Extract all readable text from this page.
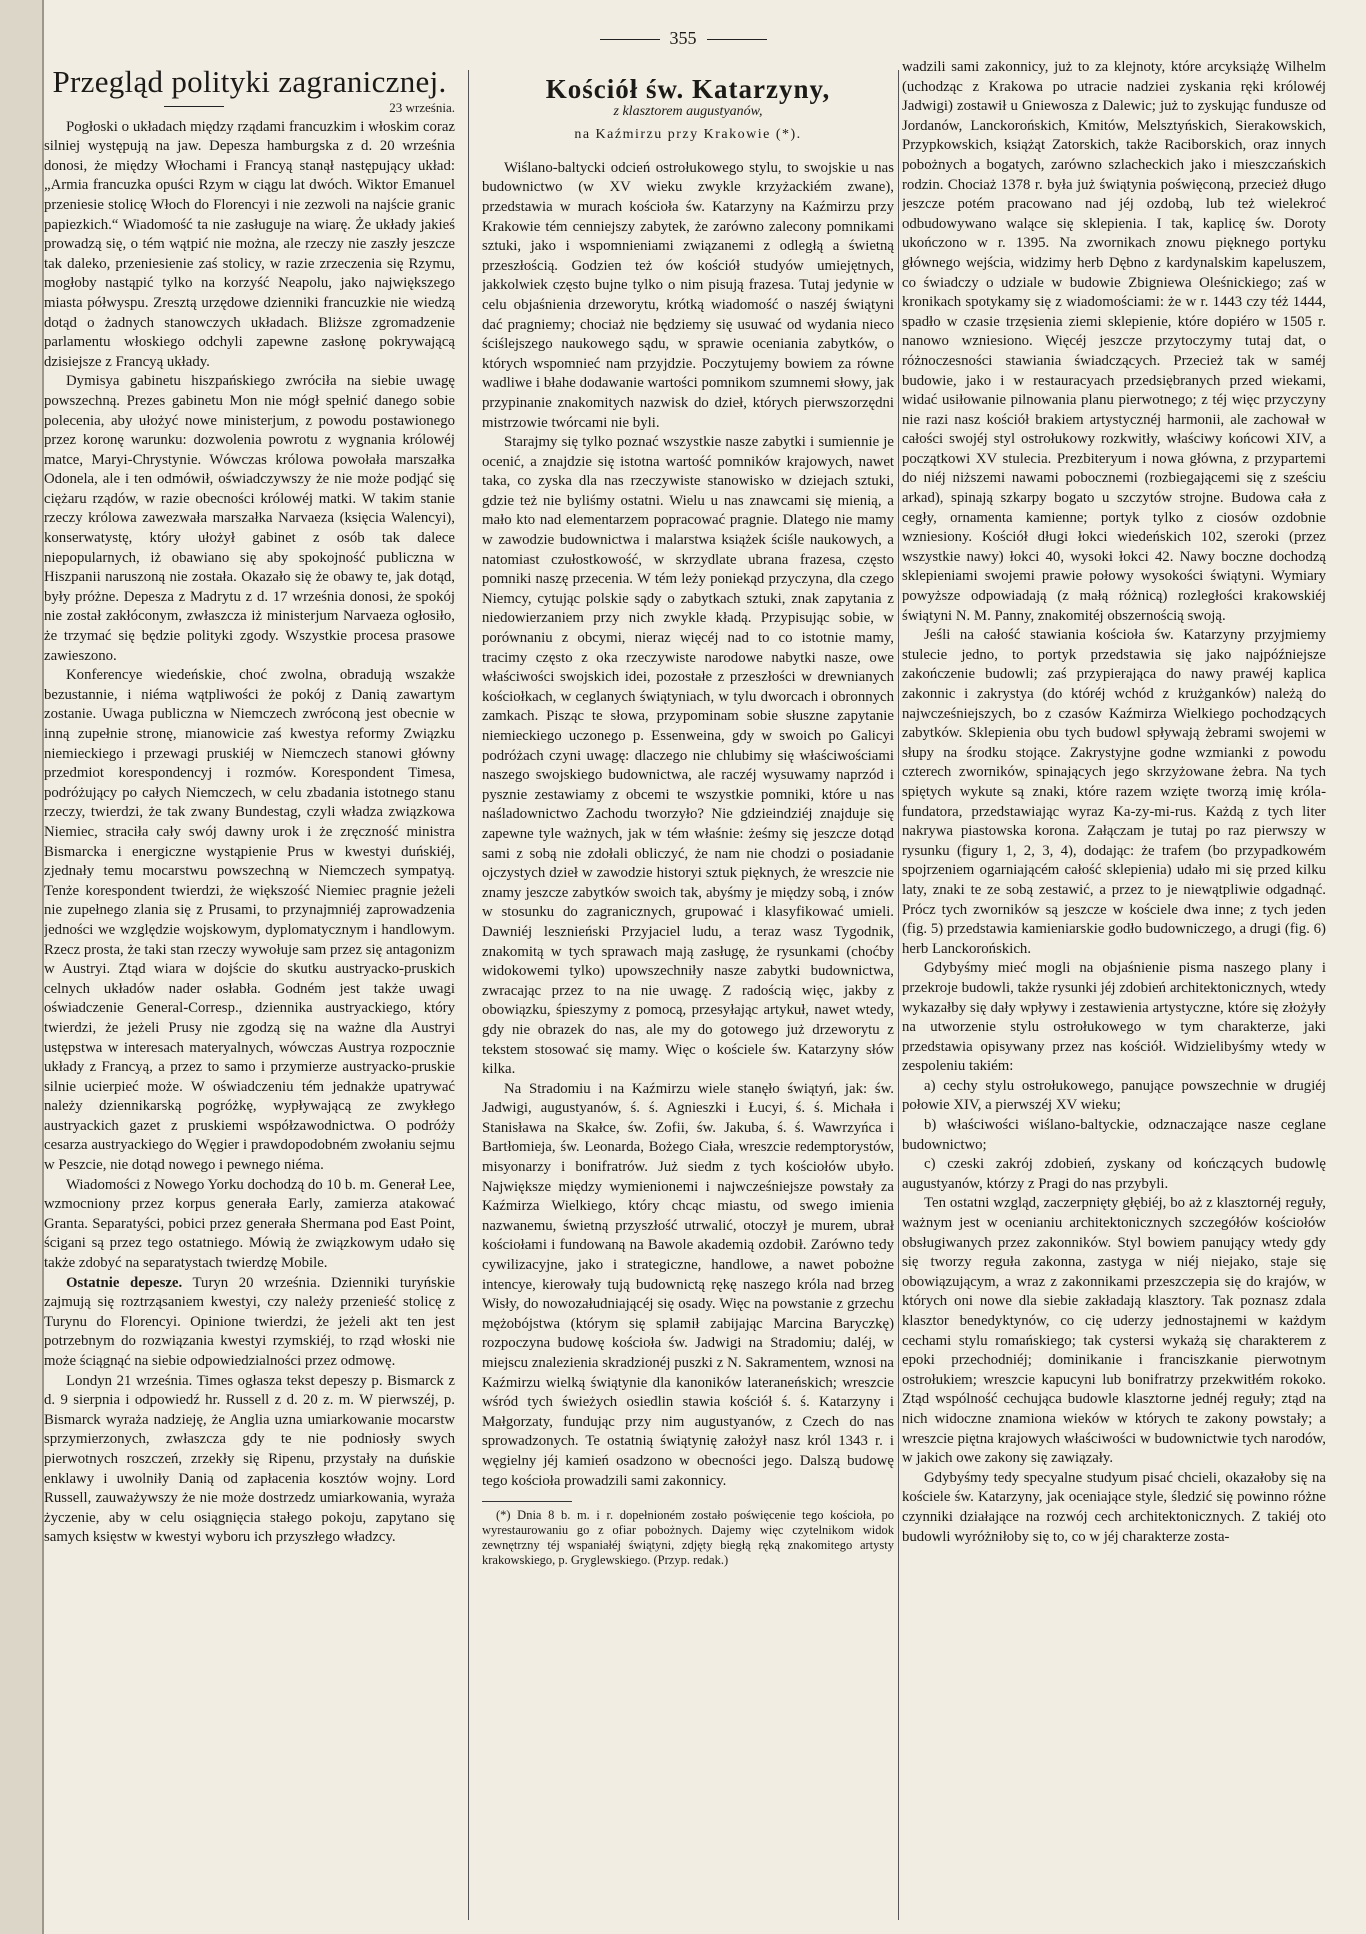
355
Przegląd polityki zagranicznej.
23 września.

Pogłoski o układach między rządami francuzkim i włoskim coraz silniej występują na jaw. Depesza hamburgska z d. 20 września donosi, że między Włochami i Francyą stanął następujący układ: „Armia francuzka opuści Rzym w ciągu lat dwóch. Wiktor Emanuel przeniesie stolicę Włoch do Florencyi i nie zezwoli na najście granic papiezkich.“ Wiadomość ta nie zasługuje na wiarę. Że układy jakieś prowadzą się, o tém wątpić nie można, ale rzeczy nie zaszły jeszcze tak daleko, przeniesienie zaś stolicy, w razie zrzeczenia się Rzymu, mogłoby nastąpić tylko na korzyść Neapolu, jako największego miasta półwyspu. Zresztą urzędowe dzienniki francuzkie nie wiedzą dotąd o żadnych stanowczych układach. Bliższe zgromadzenie parlamentu włoskiego odchyli zapewne zasłonę pokrywającą dzisiejsze z Francyą układy.

Dymisya gabinetu hiszpańskiego zwróciła na siebie uwagę powszechną. Prezes gabinetu Mon nie mógł spełnić danego sobie polecenia, aby ułożyć nowe ministerjum, z powodu postawionego przez koronę warunku: dozwolenia powrotu z wygnania królowéj matce, Maryi-Chrystynie. Wówczas królowa powołała marszałka Odonela, ale i ten odmówił, oświadczywszy że nie może podjąć się ciężaru rządów, w razie obecności królowéj matki. W takim stanie rzeczy królowa zawezwała marszałka Narvaeza (księcia Walencyi), konserwatystę, który ułożył gabinet z osób tak dalece niepopularnych, iż obawiano się aby spokojność publiczna w Hiszpanii naruszoną nie została. Okazało się że obawy te, jak dotąd, były próżne. Depesza z Madrytu z d. 17 września donosi, że spokój nie został zakłóconym, zwłaszcza iż ministerjum Narvaeza ogłosiło, że trzymać się będzie polityki zgody. Wszystkie procesa prasowe zawieszono.

Konferencye wiedeńskie, choć zwolna, obradują wszakże bezustannie, i niéma wątpliwości że pokój z Danią zawartym zostanie. Uwaga publiczna w Niemczech zwróconą jest obecnie w inną zupełnie stronę, mianowicie zaś kwestya reformy Związku niemieckiego i przewagi pruskiéj w Niemczech stanowi główny przedmiot korespondencyj i rozmów. Korespondent Timesa, podróżujący po całych Niemczech, w celu zbadania istotnego stanu rzeczy, twierdzi, że tak zwany Bundestag, czyli władza związkowa Niemiec, straciła cały swój dawny urok i że zręczność ministra Bismarcka i energiczne wystąpienie Prus w kwestyi duńskiéj, zjednały temu mocarstwu powszechną w Niemczech sympatyą. Tenże korespondent twierdzi, że większość Niemiec pragnie jeżeli nie zupełnego zlania się z Prusami, to przynajmniéj zaprowadzenia jedności we względzie wojskowym, dyplomatycznym i handlowym. Rzecz prosta, że taki stan rzeczy wywołuje sam przez się antagonizm w Austryi. Ztąd wiara w dojście do skutku austryacko-pruskich celnych układów nader osłabła. Godném jest także uwagi oświadczenie General-Corresp., dziennika austryackiego, który twierdzi, że jeżeli Prusy nie zgodzą się na ważne dla Austryi ustępstwa w interesach materyalnych, wówczas Austrya rozpocznie układy z Francyą, a przez to samo i przymierze austryacko-pruskie silnie ucierpieć może. W oświadczeniu tém jednakże upatrywać należy dziennikarską pogróżkę, wypływającą ze zwykłego austryackich gazet z pruskiemi współzawodnictwa. O podróży cesarza austryackiego do Węgier i prawdopodobném zwołaniu sejmu w Peszcie, nie dotąd nowego i pewnego niéma.

Wiadomości z Nowego Yorku dochodzą do 10 b. m. Generał Lee, wzmocniony przez korpus generała Early, zamierza atakować Granta. Separatyści, pobici przez generała Shermana pod East Point, ścigani są przez tego ostatniego. Mówią że związkowym udało się także zdobyć na separatystach twierdzę Mobile.

Ostatnie depesze. Turyn 20 września. Dzienniki turyńskie zajmują się roztrząsaniem kwestyi, czy należy przenieść stolicę z Turynu do Florencyi. Opinione twierdzi, że jeżeli akt ten jest potrzebnym do rozwiązania kwestyi rzymskiéj, to rząd włoski nie może ściągnąć na siebie odpowiedzialności przez odmowę.

Londyn 21 września. Times ogłasza tekst depeszy p. Bismarck z d. 9 sierpnia i odpowiedź hr. Russell z d. 20 z. m. W pierwszéj, p. Bismarck wyraża nadzieję, że Anglia uzna umiarkowanie mocarstw sprzymierzonych, zwłaszcza gdy te nie podniosły swych pierwotnych roszczeń, zrzekły się Ripenu, przystały na duńskie enklawy i uwolniły Danią od zapłacenia kosztów wojny. Lord Russell, zauważywszy że nie może dostrzedz umiarkowania, wyraża życzenie, aby w celu osiągnięcia stałego pokoju, zapytano się samych księstw w kwestyi wyboru ich przyszłego władzcy.

Kościół św. Katarzyny,
z klasztorem augustyanów,
na Kaźmirzu przy Krakowie (*).

Wiślano-baltycki odcień ostrołukowego stylu, to swojskie u nas budownictwo (w XV wieku zwykle krzyżackiém zwane), przedstawia w murach kościoła św. Katarzyny na Kaźmirzu przy Krakowie tém cenniejszy zabytek, że zarówno zalecony pomnikami sztuki, jako i wspomnieniami związanemi z odległą a świetną przeszłością. Godzien też ów kościół studyów umiejętnych, jakkolwiek często bujne tylko o nim pisują frazesa. Tutaj jedynie w celu objaśnienia drzeworytu, krótką wiadomość o naszéj świątyni dać pragniemy; chociaż nie będziemy się usuwać od wydania nieco ściślejszego naukowego sądu, w sprawie oceniania zabytków, o których wspomnieć nam przyjdzie. Poczytujemy bowiem za równe wadliwe i błahe dodawanie wartości pomnikom szumnemi słowy, jak przypinanie znakomitych nazwisk do dzieł, których pierwszorzędni mistrzowie twórcami nie byli.

Starajmy się tylko poznać wszystkie nasze zabytki i sumiennie je ocenić, a znajdzie się istotna wartość pomników krajowych, nawet taka, co zyska dla nas rzeczywiste stanowisko w dziejach sztuki, gdzie też nie byliśmy ostatni. Wielu u nas znawcami się mienią, a mało kto nad elementarzem popracować pragnie. Dlatego nie mamy w zawodzie budownictwa i malarstwa książek ściśle naukowych, a natomiast czułostkowość, w skrzydlate ubrana frazesa, często pomniki naszę przecenia. W tém leży poniekąd przyczyna, dla czego Niemcy, cytując polskie sądy o zabytkach sztuki, znak zapytania z niedowierzaniem przy nich zwykle kładą. Przypisując sobie, w porównaniu z obcymi, nieraz więcéj nad to co istotnie mamy, tracimy często z oka rzeczywiste narodowe nabytki nasze, owe właściwości swojskich idei, pozostałe z przeszłości w drewnianych kościołkach, w ceglanych świątyniach, w tylu dworcach i obronnych zamkach. Pisząc te słowa, przypominam sobie słuszne zapytanie niemieckiego uczonego p. Essenweina, gdy w swoich po Galicyi podróżach czyni uwagę: dlaczego nie chlubimy się właściwościami naszego swojskiego budownictwa, ale raczéj wysuwamy naprzód i pysznie zestawiamy z obcemi te wszystkie pomniki, które u nas naśladownictwo Zachodu tworzyło? Nie gdzieindziéj znajduje się zapewne tyle ważnych, jak w tém właśnie: żeśmy się jeszcze dotąd sami z sobą nie zdołali obliczyć, że nam nie chodzi o posiadanie ojczystych dzieł w zawodzie historyi sztuk pięknych, że wreszcie nie znamy jeszcze zabytków swoich tak, abyśmy je między sobą, i znów w stosunku do zagranicznych, grupować i klasyfikować umieli. Dawniéj lesznieński Przyjaciel ludu, a teraz wasz Tygodnik, znakomitą w tych sprawach mają zasługę, że rysunkami (choćby widokowemi tylko) upowszechniły nasze zabytki budownictwa, zwracając przez to na nie uwagę. Z radością więc, jakby z obowiązku, śpieszymy z pomocą, przesyłając artykuł, nawet wtedy, gdy nie obrazek do nas, ale my do gotowego już drzeworytu z tekstem stosować się mamy. Więc o kościele św. Katarzyny słów kilka.

Na Stradomiu i na Kaźmirzu wiele stanęło świątyń, jak: św. Jadwigi, augustyanów, ś. ś. Agnieszki i Łucyi, ś. ś. Michała i Stanisława na Skałce, św. Zofii, św. Jakuba, ś. ś. Wawrzyńca i Bartłomieja, św. Leonarda, Bożego Ciała, wreszcie redemptorystów, misyonarzy i bonifratrów. Już siedm z tych kościołów ubyło. Największe między wymienionemi i najwcześniejsze powstały za Kaźmirza Wielkiego, który chcąc miastu, od swego imienia nazwanemu, świetną przyszłość utrwalić, otoczył je murem, ubrał kościołami i fundowaną na Bawole akademią ozdobił. Zarówno tedy cywilizacyjne, jako i strategiczne, handlowe, a nawet pobożne intencye, kierowały tują budownictą rękę naszego króla nad brzeg Wisły, do nowozałudniającéj się osady. Więc na powstanie z grzechu mężobójstwa (którym się splamił zabijając Marcina Baryczkę) rozpoczyna budowę kościoła św. Jadwigi na Stradomiu; daléj, w miejscu znalezienia skradzionéj puszki z N. Sakramentem, wznosi na Kaźmirzu wielką świątynie dla kanoników lateraneńskich; wreszcie wśród tych świeżych osiedlin stawia kościół ś. ś. Katarzyny i Małgorzaty, fundując przy nim augustyanów, z Czech do nas sprowadzonych. Te ostatnią świątynię założył nasz król 1343 r. i węgielny jéj kamień osadzono w obecności jego. Dalszą budowę tego kościoła prowadzili sami zakonnicy.

(*) Dnia 8 b. m. i r. dopełnioném zostało poświęcenie tego kościoła, po wyrestaurowaniu go z ofiar pobożnych. Dajemy więc czytelnikom widok zewnętrzny téj wspaniałéj świątyni, zdjęty biegłą ręką znakomitego artysty krakowskiego, p. Gryglewskiego. (Przyp. redak.)

wadzili sami zakonnicy, już to za klejnoty, które arcyksiążę Wilhelm (uchodząc z Krakowa po utracie nadziei zyskania ręki królowéj Jadwigi) zostawił u Gniewosza z Dalewic; już to zyskując fundusze od Jordanów, Lanckorońskich, Kmitów, Melsztyńskich, Sierakowskich, Przypkowskich, książąt Zatorskich, także Raciborskich, oraz innych pobożnych a bogatych, zarówno szlacheckich jako i mieszczańskich rodzin. Chociaż 1378 r. była już świątynia poświęconą, przecież długo jeszcze potém pracowano nad jéj ozdobą, lub też wielekroć odbudowywano walące się sklepienia. I tak, kaplicę św. Doroty ukończono w r. 1395. Na zwornikach znowu pięknego portyku głównego wejścia, widzimy herb Dębno z kardynalskim kapeluszem, co świadczy o udziale w budowie Zbigniewa Oleśnickiego; zaś w kronikach spotykamy się z wiadomościami: że w r. 1443 czy téż 1444, spadło w czasie trzęsienia ziemi sklepienie, które dopiéro w 1505 r. nanowo wzniesiono. Więcéj jeszcze przytoczymy tutaj dat, o różnoczesności stawiania świadczących. Przecież tak w saméj budowie, jako i w restauracyach przedsiębranych przed wiekami, widać usiłowanie pilnowania planu pierwotnego; z téj więc przyczyny nie razi nasz kościół brakiem artystycznéj harmonii, ale zachował w całości swojéj styl ostrołukowy rozkwitły, właściwy końcowi XIV, a początkowi XV stulecia. Prezbiteryum i nowa główna, z przypartemi do niéj niższemi nawami pobocznemi (rozbiegającemi się z sześciu arkad), spinają szkarpy bogato u szczytów strojne. Budowa cała z cegły, ornamenta kamienne; portyk tylko z ciosów ozdobnie wzniesiony. Kościół długi łokci wiedeńskich 102, szeroki (przez wszystkie nawy) łokci 40, wysoki łokci 42. Nawy boczne dochodzą sklepieniami swojemi prawie połowy wysokości świątyni. Wymiary powyższe odpowiadają (z małą różnicą) rozległości krakowskiéj świątyni N. M. Panny, znakomitéj obszernością swoją.

Jeśli na całość stawiania kościoła św. Katarzyny przyjmiemy stulecie jedno, to portyk przedstawia się jako najpóźniejsze zakończenie budowli; zaś przypierająca do nawy prawéj kaplica zakonnic i zakrystya (do któréj wchód z krużganków) należą do najwcześniejszych, bo z czasów Kaźmirza Wielkiego pochodzących zabytków. Sklepienia obu tych budowl spływają żebrami swojemi w słupy na środku stojące. Zakrystyjne godne wzmianki z powodu czterech zworników, spinających jego skrzyżowane żebra. Na tych spiętych wykute są znaki, które razem wzięte tworzą imię króla-fundatora, przedstawiając wyraz Ka-zy-mi-rus. Każdą z tych liter nakrywa piastowska korona. Załączam je tutaj po raz pierwszy w rysunku (figury 1, 2, 3, 4), dodając: że trafem (bo przypadkowém spojrzeniem ogarniającém całość sklepienia) udało mi się przed kilku laty, znaki te ze sobą zestawić, a przez to je niewątpliwie odgadnąć. Prócz tych zworników są jeszcze w kościele dwa inne; z tych jeden (fig. 5) przedstawia kamieniarskie godło budowniczego, a drugi (fig. 6) herb Lanckorońskich.

Gdybyśmy mieć mogli na objaśnienie pisma naszego plany i przekroje budowli, także rysunki jéj zdobień architektonicznych, wtedy wykazałby się dały wpływy i zestawienia artystyczne, które się złożyły na utworzenie stylu ostrołukowego w tym charakterze, jaki przedstawia opisywany przez nas kościół. Widzielibyśmy wtedy w zespoleniu takiém:

a) cechy stylu ostrołukowego, panujące powszechnie w drugiéj połowie XIV, a pierwszéj XV wieku;

b) właściwości wiślano-baltyckie, odznaczające nasze ceglane budownictwo;

c) czeski zakrój zdobień, zyskany od kończących budowlę augustyanów, którzy z Pragi do nas przybyli.

Ten ostatni wzgląd, zaczerpnięty głębiéj, bo aż z klasztornéj reguły, ważnym jest w ocenianiu architektonicznych szczegółów kościołów obsługiwanych przez zakonników. Styl bowiem panujący wtedy gdy się tworzy reguła zakonna, zastyga w niéj niejako, staje się obowiązującym, a wraz z zakonnikami przeszczepia się do krajów, w których oni nowe dla siebie zakładają klasztory. Tak poznasz zdala klasztor benedyktynów, co cię uderzy jednostajnemi w każdym cechami stylu romańskiego; tak cystersi wykażą się charakterem z epoki przechodniéj; dominikanie i franciszkanie pierwotnym ostrołukiem; wreszcie kapucyni lub bonifratrzy przekwitłém rokoko. Ztąd wspólność cechująca budowle klasztorne jednéj reguły; ztąd na nich widoczne znamiona wieków w których te zakony powstały; a wreszcie piętna krajowych właściwości w budownictwie tych narodów, w jakich owe zakony się zawiązały.

Gdybyśmy tedy specyalne studyum pisać chcieli, okazałoby się na kościele św. Katarzyny, jak oceniające style, śledzić się powinno różne czynniki działające na rozwój cech architektonicznych. Z takiéj oto budowli wyróżniłoby się to, co w jéj charakterze zosta-
